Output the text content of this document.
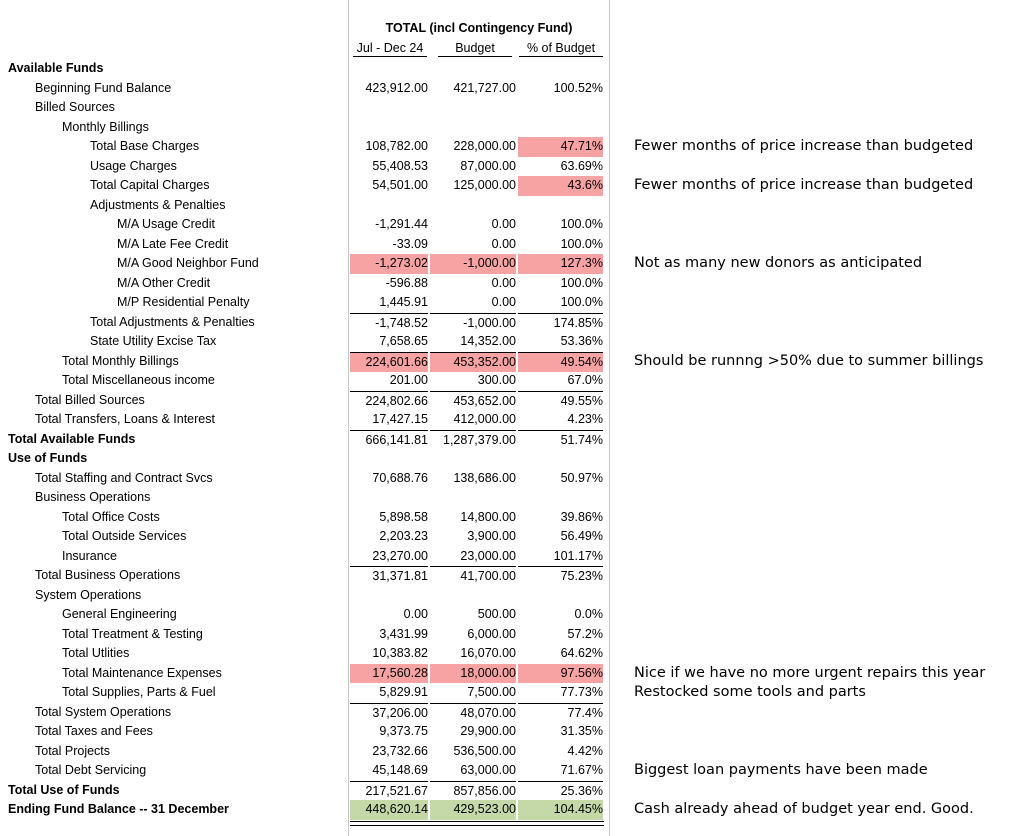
TOTAL (incl Contingency Fund)
Jul - Dec 24	Budget	% of Budget
Available Funds
Beginning Fund Balance	423,912.00	421,727.00	100.52%
Billed Sources
Monthly Billings
Total Base Charges	108,782.00	228,000.00	47.71% Fewer months of price increase than budgeted
Usage Charges	55,408.53	87,000.00	63.69%
Total Capital Charges	54,501.00	125,000.00	43.6% Fewer months of price increase than budgeted
Adjustments & Penalties
M/A Usage Credit	-1,291.44	0.00	100.0%
M/A Late Fee Credit	-33.09	0.00	100.0%
M/A Good Neighbor Fund	-1,273.02	-1,000.00	127.3% Not as many new donors as anticipated
M/A Other Credit	-596.88	0.00	100.0%
M/P Residential Penalty	1,445.91	0.00	100.0%
Total Adjustments & Penalties	-1,748.52	-1,000.00	174.85%
State Utility Excise Tax	7,658.65	14,352.00	53.36%
Total Monthly Billings	224,601.66	453,352.00	49.54% Should be runnng >50% due to summer billings
Total Miscellaneous income	201.00	300.00	67.0%
Total Billed Sources	224,802.66	453,652.00	49.55%
Total Transfers, Loans & Interest	17,427.15	412,000.00	4.23%
Total Available Funds	666,141.81	1,287,379.00	51.74%
Use of Funds
Total Staffing and Contract Svcs	70,688.76	138,686.00	50.97%
Business Operations
Total Office Costs	5,898.58	14,800.00	39.86%
Total Outside Services	2,203.23	3,900.00	56.49%
Insurance	23,270.00	23,000.00	101.17%
Total Business Operations	31,371.81	41,700.00	75.23%
System Operations
General Engineering	0.00	500.00	0.0%
Total Treatment & Testing	3,431.99	6,000.00	57.2%
Total Utlities	10,383.82	16,070.00	64.62%
Total Maintenance Expenses	17,560.28	18,000.00	97.56% Nice if we have no more urgent repairs this year
Total Supplies, Parts & Fuel	5,829.91	7,500.00	77.73% Restocked some tools and parts
Total System Operations	37,206.00	48,070.00	77.4%
Total Taxes and Fees	9,373.75	29,900.00	31.35%
Total Projects	23,732.66	536,500.00	4.42%
Total Debt Servicing	45,148.69	63,000.00	71.67% Biggest loan payments have been made
Total Use of Funds	217,521.67	857,856.00	25.36%
Ending Fund Balance -- 31 December	448,620.14	429,523.00	104.45% Cash already ahead of budget year end. Good.
